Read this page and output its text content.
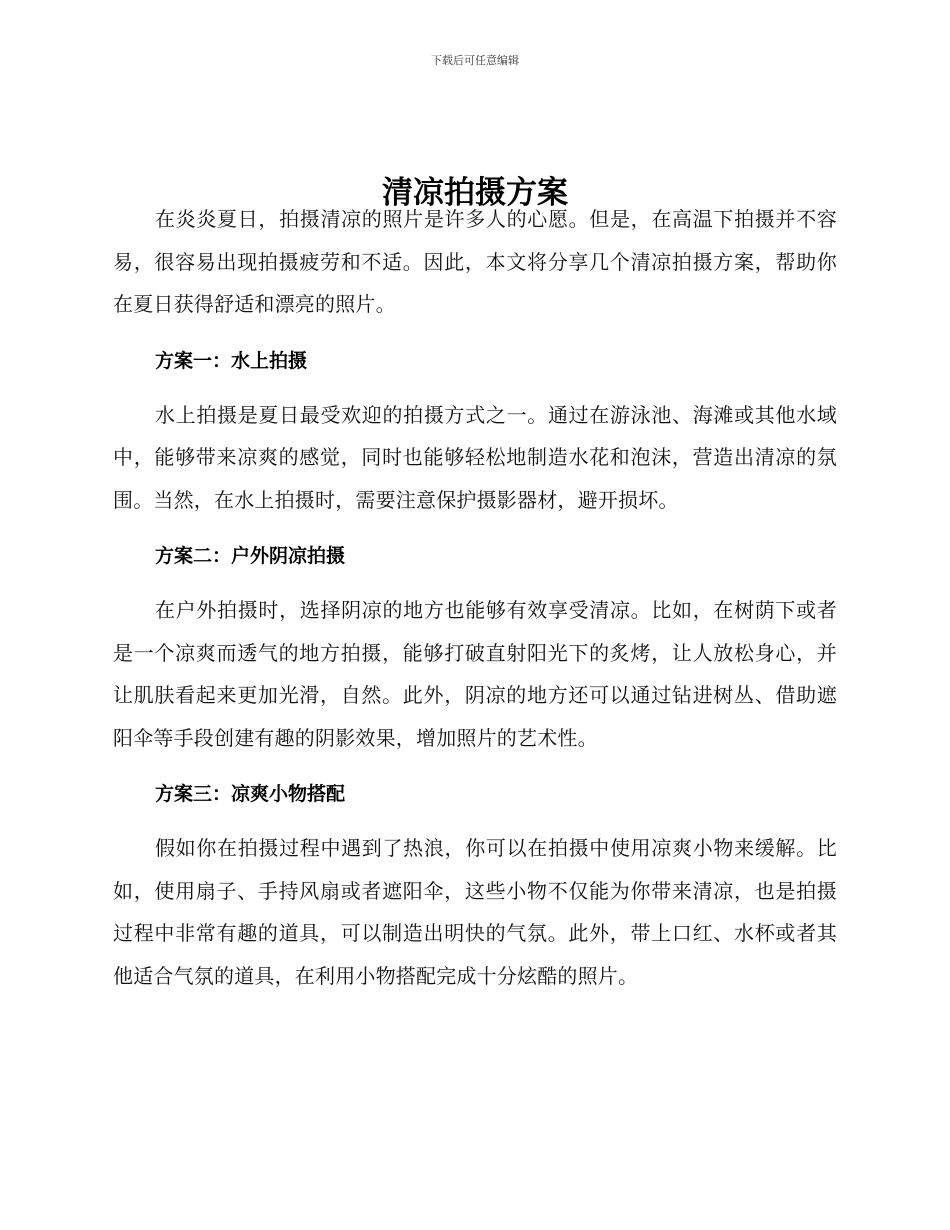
下载后可任意编辑
清凉拍摄方案

在炎炎夏日，拍摄清凉的照片是许多人的心愿。但是，在高温下拍摄并不容易，很容易出现拍摄疲劳和不适。因此，本文将分享几个清凉拍摄方案，帮助你在夏日获得舒适和漂亮的照片。

方案一：水上拍摄

水上拍摄是夏日最受欢迎的拍摄方式之一。通过在游泳池、海滩或其他水域中，能够带来凉爽的感觉，同时也能够轻松地制造水花和泡沫，营造出清凉的氛围。当然，在水上拍摄时，需要注意保护摄影器材，避开损坏。

方案二：户外阴凉拍摄

在户外拍摄时，选择阴凉的地方也能够有效享受清凉。比如，在树荫下或者是一个凉爽而透气的地方拍摄，能够打破直射阳光下的炙烤，让人放松身心，并让肌肤看起来更加光滑，自然。此外，阴凉的地方还可以通过钻进树丛、借助遮阳伞等手段创建有趣的阴影效果，增加照片的艺术性。

方案三：凉爽小物搭配

假如你在拍摄过程中遇到了热浪，你可以在拍摄中使用凉爽小物来缓解。比如，使用扇子、手持风扇或者遮阳伞，这些小物不仅能为你带来清凉，也是拍摄过程中非常有趣的道具，可以制造出明快的气氛。此外，带上口红、水杯或者其他适合气氛的道具，在利用小物搭配完成十分炫酷的照片。
